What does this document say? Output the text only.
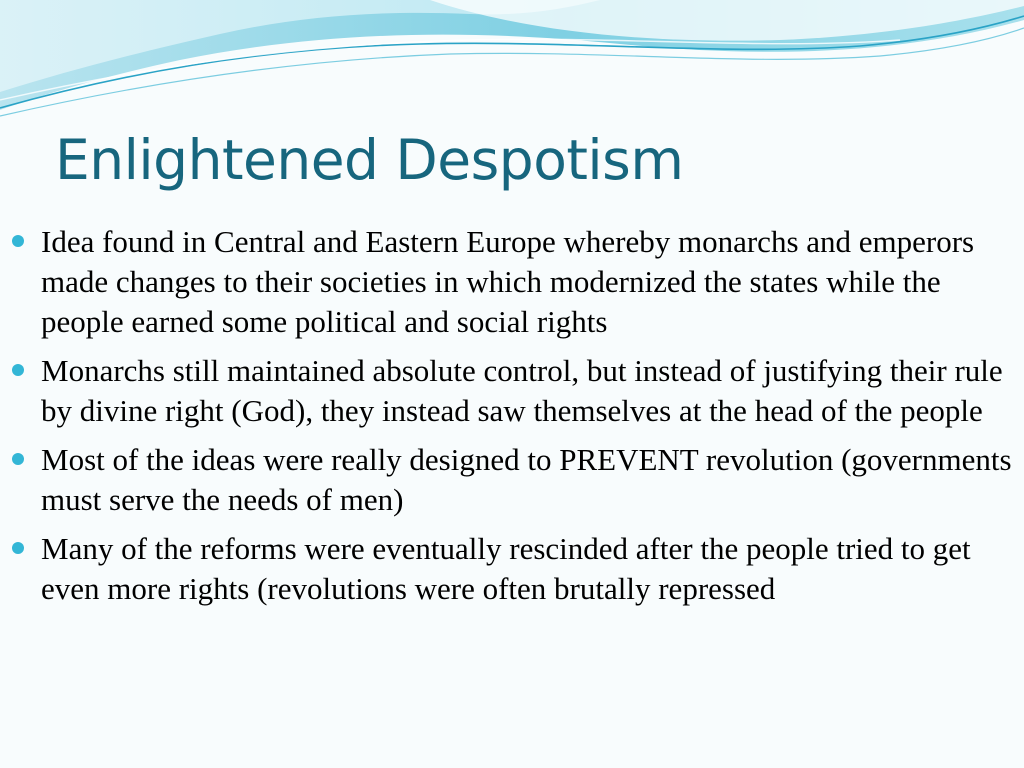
Enlightened Despotism
Idea found in Central and Eastern Europe whereby monarchs and emperors made changes to their societies in which modernized the states while the people earned some political and social rights
Monarchs still maintained absolute control, but instead of justifying their rule by divine right (God), they instead saw themselves at the head of the people
Most of the ideas were really designed to PREVENT revolution (governments must serve the needs of men)
Many of the reforms were eventually rescinded after the people tried to get even more rights (revolutions were often brutally repressed
